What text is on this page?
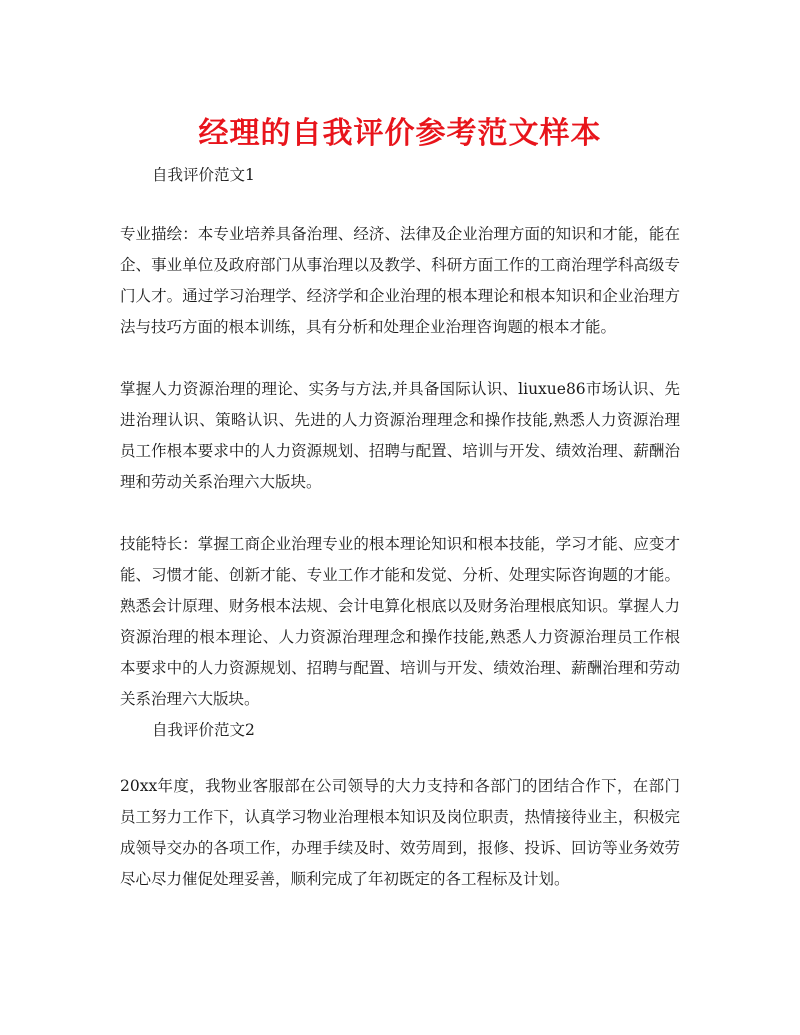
经理的自我评价参考范文样本

自我评价范文1

专业描绘：本专业培养具备治理、经济、法律及企业治理方面的知识和才能，能在企、事业单位及政府部门从事治理以及教学、科研方面工作的工商治理学科高级专门人才。通过学习治理学、经济学和企业治理的根本理论和根本知识和企业治理方法与技巧方面的根本训练，具有分析和处理企业治理咨询题的根本才能。

掌握人力资源治理的理论、实务与方法,并具备国际认识、liuxue86市场认识、先进治理认识、策略认识、先进的人力资源治理理念和操作技能,熟悉人力资源治理员工作根本要求中的人力资源规划、招聘与配置、培训与开发、绩效治理、薪酬治理和劳动关系治理六大版块。

技能特长：掌握工商企业治理专业的根本理论知识和根本技能，学习才能、应变才能、习惯才能、创新才能、专业工作才能和发觉、分析、处理实际咨询题的才能。熟悉会计原理、财务根本法规、会计电算化根底以及财务治理根底知识。掌握人力资源治理的根本理论、人力资源治理理念和操作技能,熟悉人力资源治理员工作根本要求中的人力资源规划、招聘与配置、培训与开发、绩效治理、薪酬治理和劳动关系治理六大版块。

自我评价范文2

20xx年度，我物业客服部在公司领导的大力支持和各部门的团结合作下，在部门员工努力工作下，认真学习物业治理根本知识及岗位职责，热情接待业主，积极完成领导交办的各项工作，办理手续及时、效劳周到，报修、投诉、回访等业务效劳尽心尽力催促处理妥善，顺利完成了年初既定的各工程标及计划。
